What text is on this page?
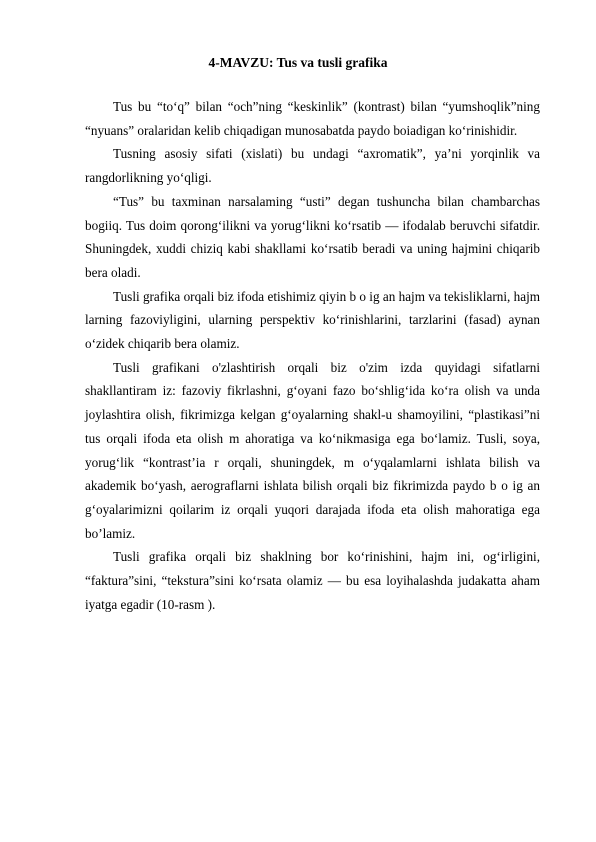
4-MAVZU: Tus va tusli grafika

Tus bu “to‘q” bilan “och”ning “keskinlik” (kontrast) bilan “yumshoqlik”ning “nyuans” oralaridan kelib chiqadigan munosabatda paydo boiadigan ko‘rinishidir.

Tusning asosiy sifati (xislati) bu undagi “axromatik”, ya’ni yorqinlik va rangdorlikning yo‘qligi.

“Tus” bu taxminan narsalaming “usti” degan tushuncha bilan chambarchas bogiiq. Tus doim qorong‘ilikni va yorug‘likni ko‘rsatib — ifodalab beruvchi sifatdir. Shuningdek, xuddi chiziq kabi shakllami ko‘rsatib beradi va uning hajmini chiqarib bera oladi.

Tusli grafika orqali biz ifoda etishimiz qiyin b o ig an hajm va tekisliklarni, hajm larning fazoviyligini, ularning perspektiv ko‘rinishlarini, tarzlarini (fasad) aynan o‘zidek chiqarib bera olamiz.

Tusli grafikani o'zlashtirish orqali biz o'zim izda quyidagi sifatlarni shakllantiram iz: fazoviy fikrlashni, g‘oyani fazo bo‘shlig‘ida ko‘ra olish va unda joylashtira olish, fikrimizga kelgan g‘oyalarning shakl-u shamoyilini, “plastikasi”ni tus orqali ifoda eta olish m ahoratiga va ko‘nikmasiga ega bo‘lamiz. Tusli, soya, yorug‘lik “kontrast’ia r orqali, shuningdek, m o‘yqalamlarni ishlata bilish va akademik bo‘yash, aerograflarni ishlata bilish orqali biz fikrimizda paydo b o ig an g‘oyalarimizni qoilarim iz orqali yuqori darajada ifoda eta olish mahoratiga ega bo’lamiz.

Tusli grafika orqali biz shaklning bor ko‘rinishini, hajm ini, og‘irligini, “faktura”sini, “tekstura”sini ko‘rsata olamiz — bu esa loyihalashda judakatta aham iyatga egadir (10-rasm ).
